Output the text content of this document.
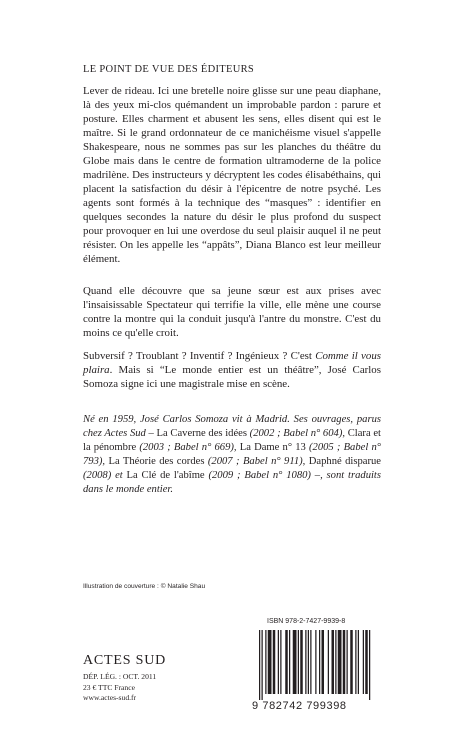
LE POINT DE VUE DES ÉDITEURS

Lever de rideau. Ici une bretelle noire glisse sur une peau diaphane, là des yeux mi-clos quémandent un improbable pardon : parure et posture. Elles charment et abusent les sens, elles disent qui est le maître. Si le grand ordonnateur de ce manichéisme visuel s'appelle Shakespeare, nous ne sommes pas sur les planches du théâtre du Globe mais dans le centre de formation ultramoderne de la police madrilène. Des instructeurs y décryptent les codes élisabéthains, qui placent la satisfaction du désir à l'épicentre de notre psyché. Les agents sont formés à la technique des “masques” : identifier en quelques secondes la nature du désir le plus profond du suspect pour provoquer en lui une overdose du seul plaisir auquel il ne peut résister. On les appelle les “appâts”, Diana Blanco est leur meilleur élément.

Quand elle découvre que sa jeune sœur est aux prises avec l'insaisissable Spectateur qui terrifie la ville, elle mène une course contre la montre qui la conduit jusqu'à l'antre du monstre. C'est du moins ce qu'elle croit.

Subversif ? Troublant ? Inventif ? Ingénieux ? C'est Comme il vous plaira. Mais si “Le monde entier est un théâtre”, José Carlos Somoza signe ici une magistrale mise en scène.

Né en 1959, José Carlos Somoza vit à Madrid. Ses ouvrages, parus chez Actes Sud – La Caverne des idées (2002 ; Babel n° 604), Clara et la pénombre (2003 ; Babel n° 669), La Dame n° 13 (2005 ; Babel n° 793), La Théorie des cordes (2007 ; Babel n° 911), Daphné disparue (2008) et La Clé de l'abîme (2009 ; Babel n° 1080) –, sont traduits dans le monde entier.

Illustration de couverture : © Natalie Shau
ACTES SUD
DÉP. LÉG. : OCT. 2011
23 € TTC France
www.actes-sud.fr
ISBN 978-2-7427-9939-8
9 782742 799398
